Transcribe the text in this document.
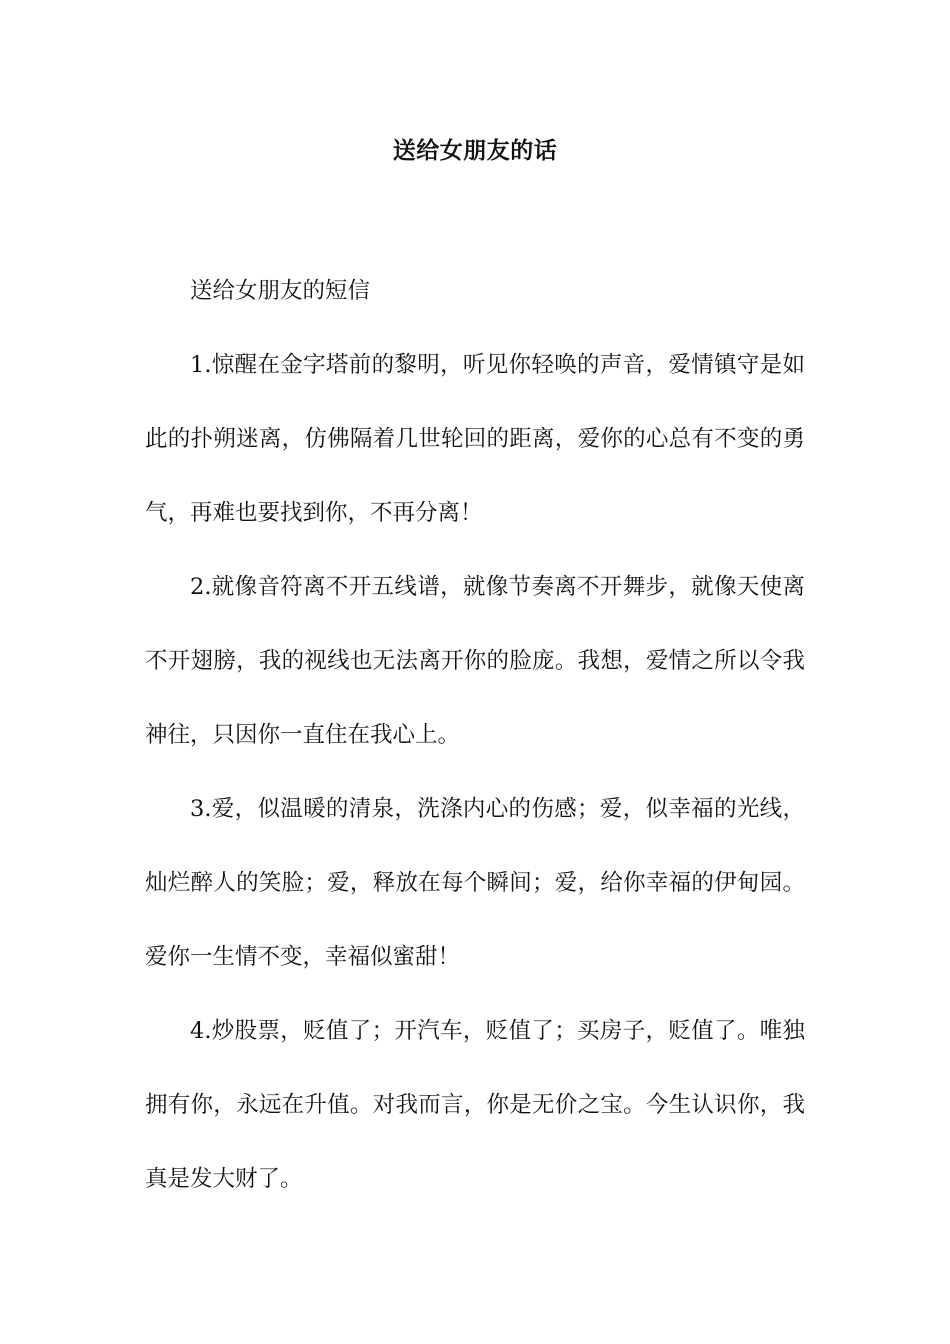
送给女朋友的话

送给女朋友的短信

1.惊醒在金字塔前的黎明，听见你轻唤的声音，爱情镇守是如此的扑朔迷离，仿佛隔着几世轮回的距离，爱你的心总有不变的勇气，再难也要找到你，不再分离！

2.就像音符离不开五线谱，就像节奏离不开舞步，就像天使离不开翅膀，我的视线也无法离开你的脸庞。我想，爱情之所以令我神往，只因你一直住在我心上。

3.爱，似温暖的清泉，洗涤内心的伤感；爱，似幸福的光线，灿烂醉人的笑脸；爱，释放在每个瞬间；爱，给你幸福的伊甸园。爱你一生情不变，幸福似蜜甜！

4.炒股票，贬值了；开汽车，贬值了；买房子，贬值了。唯独拥有你，永远在升值。对我而言，你是无价之宝。今生认识你，我真是发大财了。
